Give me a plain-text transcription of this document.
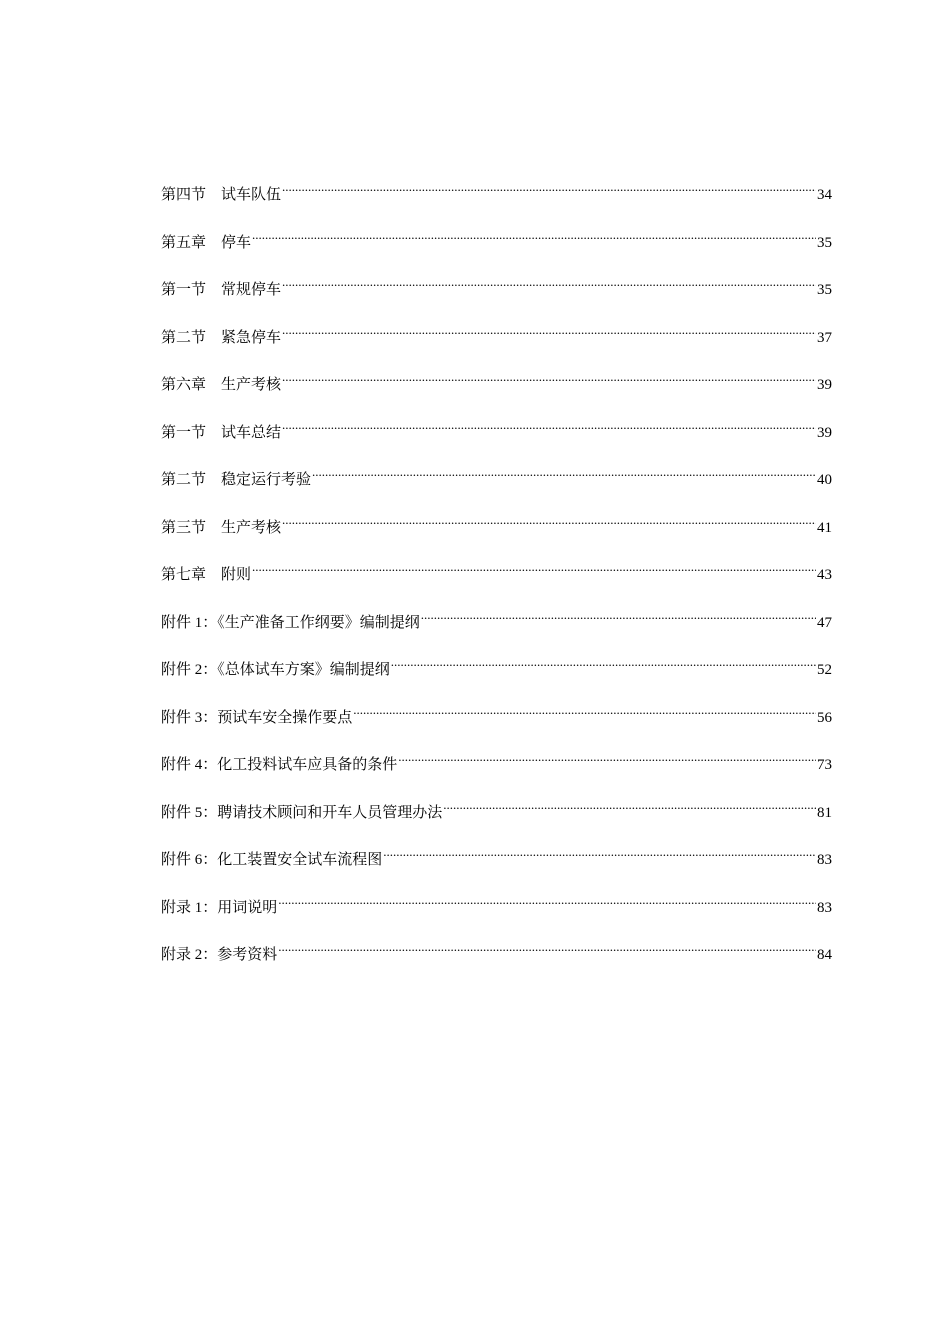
第四节　试车队伍 .....	34
第五章　停车 .....	35
第一节　常规停车 .....	35
第二节　紧急停车 .....	37
第六章　生产考核 .....	39
第一节　试车总结 .....	39
第二节　稳定运行考验 .....	40
第三节　生产考核 .....	41
第七章　附则 .....	43
附件 1：《生产准备工作纲要》编制提纲 .....	47
附件 2：《总体试车方案》编制提纲 .....	52
附件 3：预试车安全操作要点 .....	56
附件 4：化工投料试车应具备的条件 .....	73
附件 5：聘请技术顾问和开车人员管理办法 .....	81
附件 6：化工装置安全试车流程图 .....	83
附录 1：用词说明 .....	83
附录 2：参考资料 .....	84
